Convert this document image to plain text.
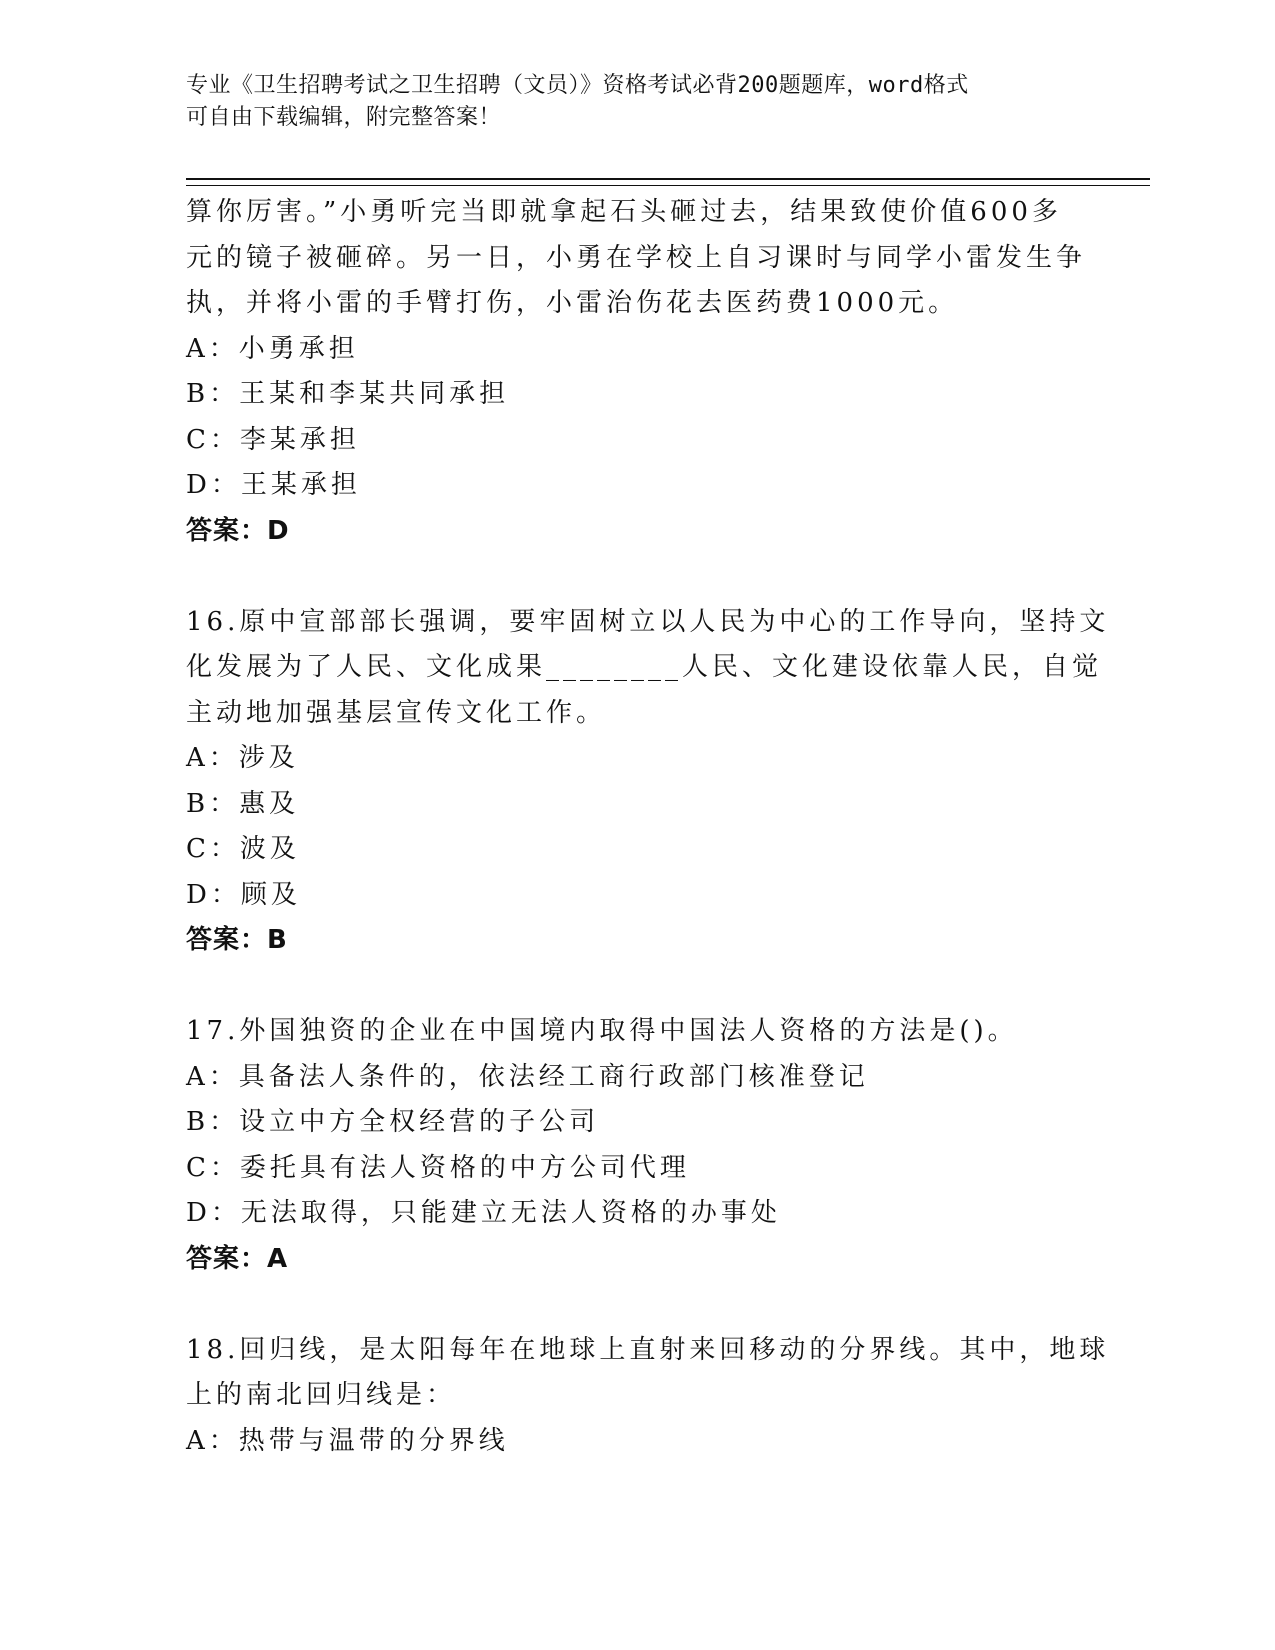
专业《卫生招聘考试之卫生招聘（文员）》资格考试必背200题题库，word格式
可自由下载编辑，附完整答案！
算你厉害。”小勇听完当即就拿起石头砸过去，结果致使价值600多
元的镜子被砸碎。另一日，小勇在学校上自习课时与同学小雷发生争
执，并将小雷的手臂打伤，小雷治伤花去医药费1000元。
A：小勇承担
B：王某和李某共同承担
C：李某承担
D：王某承担
答案：D
16.原中宣部部长强调，要牢固树立以人民为中心的工作导向，坚持文
化发展为了人民、文化成果________人民、文化建设依靠人民，自觉
主动地加强基层宣传文化工作。
A：涉及
B：惠及
C：波及
D：顾及
答案：B
17.外国独资的企业在中国境内取得中国法人资格的方法是()。
A：具备法人条件的，依法经工商行政部门核准登记
B：设立中方全权经营的子公司
C：委托具有法人资格的中方公司代理
D：无法取得，只能建立无法人资格的办事处
答案：A
18.回归线，是太阳每年在地球上直射来回移动的分界线。其中，地球
上的南北回归线是：
A：热带与温带的分界线
